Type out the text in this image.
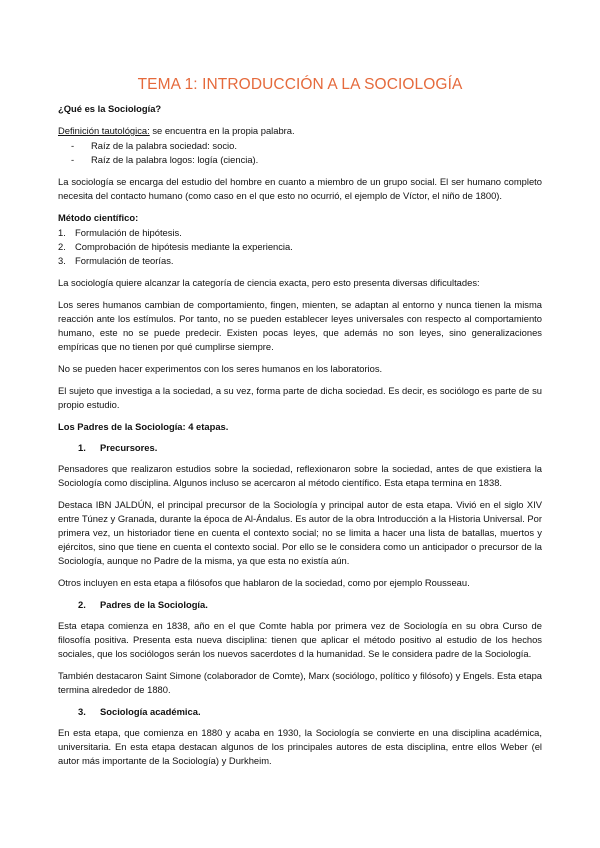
TEMA 1: INTRODUCCIÓN A LA SOCIOLOGÍA

¿Qué es la Sociología?

Definición tautológica: se encuentra en la propia palabra.

- Raíz de la palabra sociedad: socio.
- Raíz de la palabra logos: logía (ciencia).

La sociología se encarga del estudio del hombre en cuanto a miembro de un grupo social. El ser humano completo necesita del contacto humano (como caso en el que esto no ocurrió, el ejemplo de Víctor, el niño de 1800).

Método científico:

1. Formulación de hipótesis.
2. Comprobación de hipótesis mediante la experiencia.
3. Formulación de teorías.

La sociología quiere alcanzar la categoría de ciencia exacta, pero esto presenta diversas dificultades:

Los seres humanos cambian de comportamiento, fingen, mienten, se adaptan al entorno y nunca tienen la misma reacción ante los estímulos. Por tanto, no se pueden establecer leyes universales con respecto al comportamiento humano, este no se puede predecir. Existen pocas leyes, que además no son leyes, sino generalizaciones empíricas que no tienen por qué cumplirse siempre.

No se pueden hacer experimentos con los seres humanos en los laboratorios.

El sujeto que investiga a la sociedad, a su vez, forma parte de dicha sociedad. Es decir, es sociólogo es parte de su propio estudio.

Los Padres de la Sociología: 4 etapas.

1.	Precursores.

Pensadores que realizaron estudios sobre la sociedad, reflexionaron sobre la sociedad, antes de que existiera la Sociología como disciplina. Algunos incluso se acercaron al método científico. Esta etapa termina en 1838.

Destaca IBN JALDÚN, el principal precursor de la Sociología y principal autor de esta etapa. Vivió en el siglo XIV entre Túnez y Granada, durante la época de Al-Ándalus. Es autor de la obra Introducción a la Historia Universal. Por primera vez, un historiador tiene en cuenta el contexto social; no se limita a hacer una lista de batallas, muertos y ejércitos, sino que tiene en cuenta el contexto social. Por ello se le considera como un anticipador o precursor de la Sociología, aunque no Padre de la misma, ya que esta no existía aún.

Otros incluyen en esta etapa a filósofos que hablaron de la sociedad, como por ejemplo Rousseau.

2.	Padres de la Sociología.

Esta etapa comienza en 1838, año en el que Comte habla por primera vez de Sociología en su obra Curso de filosofía positiva. Presenta esta nueva disciplina: tienen que aplicar el método positivo al estudio de los hechos sociales, que los sociólogos serán los nuevos sacerdotes d la humanidad. Se le considera padre de la Sociología.

También destacaron Saint Simone (colaborador de Comte), Marx (sociólogo, político y filósofo) y Engels. Esta etapa termina alrededor de 1880.

3.	Sociología académica.

En esta etapa, que comienza en 1880 y acaba en 1930, la Sociología se convierte en una disciplina académica, universitaria. En esta etapa destacan algunos de los principales autores de esta disciplina, entre ellos Weber (el autor más importante de la Sociología) y Durkheim.
